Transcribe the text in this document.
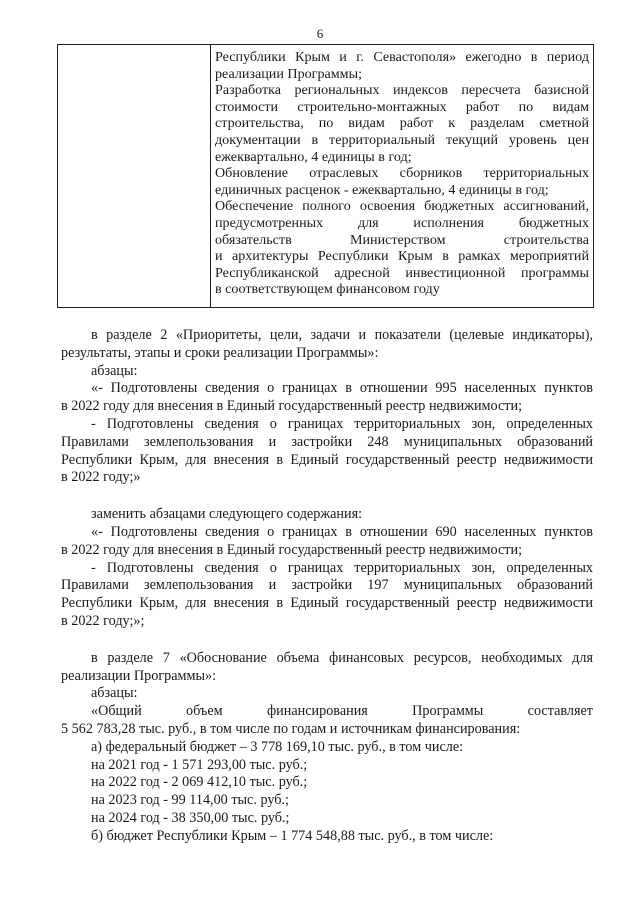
6

Республики Крым и г. Севастополя» ежегодно в период

реализации Программы;

Разработка региональных индексов пересчета базисной

стоимости строительно-монтажных работ по видам

строительства, по видам работ к разделам сметной

документации в территориальный текущий уровень цен

ежеквартально, 4 единицы в год;

Обновление отраслевых сборников территориальных

единичных расценок - ежеквартально, 4 единицы в год;

Обеспечение полного освоения бюджетных ассигнований,

предусмотренных для исполнения бюджетных

обязательств Министерством строительства

и архитектуры Республики Крым в рамках мероприятий

Республиканской адресной инвестиционной программы

в соответствующем финансовом году

в разделе 2 «Приоритеты, цели, задачи и показатели (целевые индикаторы),

результаты, этапы и сроки реализации Программы»:

абзацы:

«- Подготовлены сведения о границах в отношении 995 населенных пунктов

в 2022 году для внесения в Единый государственный реестр недвижимости;

- Подготовлены сведения о границах территориальных зон, определенных

Правилами землепользования и застройки 248 муниципальных образований

Республики Крым, для внесения в Единый государственный реестр недвижимости

в 2022 году;»

заменить абзацами следующего содержания:

«- Подготовлены сведения о границах в отношении 690 населенных пунктов

в 2022 году для внесения в Единый государственный реестр недвижимости;

- Подготовлены сведения о границах территориальных зон, определенных

Правилами землепользования и застройки 197 муниципальных образований

Республики Крым, для внесения в Единый государственный реестр недвижимости

в 2022 году;»;

в разделе 7 «Обоснование объема финансовых ресурсов, необходимых для

реализации Программы»:

абзацы:

«Общий объем финансирования Программы составляет

5 562 783,28 тыс. руб., в том числе по годам и источникам финансирования:

а) федеральный бюджет – 3 778 169,10 тыс. руб., в том числе:

на 2021 год - 1 571 293,00 тыс. руб.;

на 2022 год - 2 069 412,10 тыс. руб.;

на 2023 год - 99 114,00 тыс. руб.;

на 2024 год - 38 350,00 тыс. руб.;

б) бюджет Республики Крым – 1 774 548,88 тыс. руб., в том числе:
